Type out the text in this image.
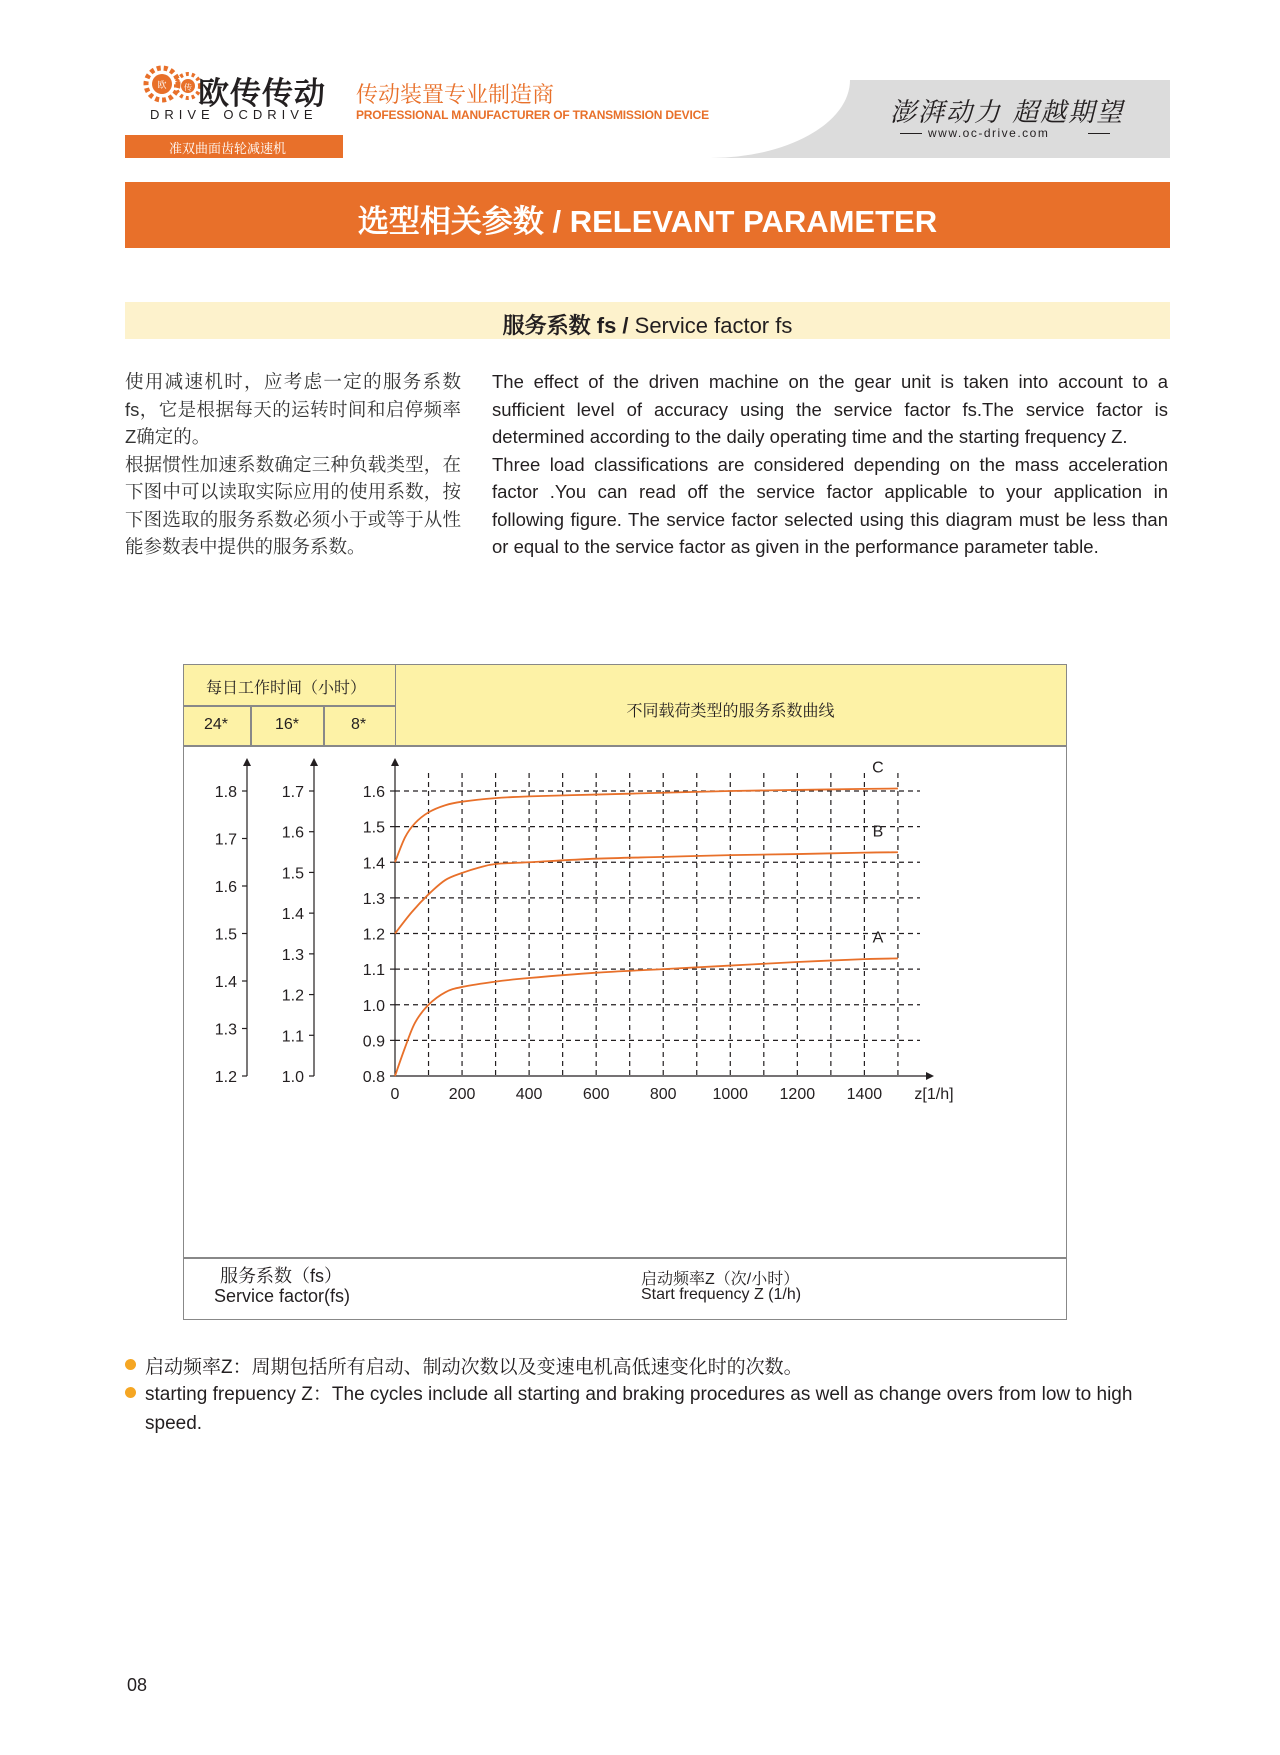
欧 传 欧传传动
DRIVE OCDRIVE
传动装置专业制造商
PROFESSIONAL MANUFACTURER OF TRANSMISSION DEVICE	澎湃动力 超越期望
www.oc-drive.com
准双曲面齿轮减速机
选型相关参数 / RELEVANT PARAMETER
服务系数 fs / Service factor fs
使用减速机时，应考虑一定的服务系数fs，它是根据每天的运转时间和启停频率Z确定的。
根据惯性加速系数确定三种负载类型，在下图中可以读取实际应用的使用系数，按下图选取的服务系数必须小于或等于从性能参数表中提供的服务系数。
The effect of the driven machine on the gear unit is taken into account to a sufficient level of accuracy using the service factor fs.The service factor is determined according to the daily operating time and the starting frequency Z.
Three load classifications are considered depending on the mass acceleration factor .You can read off the service factor applicable to your application in following figure. The service factor selected using this diagram must be less than or equal to the service factor as given in the performance parameter table.
每日工作时间（小时）
24*	16*	8*
不同载荷类型的服务系数曲线
1.8
1.7
1.6
1.5
1.4
1.3
1.2
1.7
1.6
1.5
1.4
1.3
1.2
1.1
1.0
1.6
1.5
1.4
1.3
1.2
1.1
1.0
0.9
0.8
0	200	400	600	800 1000 1200 1400 z[1/h]
C
B
A
服务系数（fs）
Service factor(fs)
启动频率Z（次/小时）
Start frequency Z (1/h)
启动频率Z：周期包括所有启动、制动次数以及变速电机高低速变化时的次数。
starting frepuency Z：The cycles include all starting and braking procedures as well as change overs from low to high speed.
08
